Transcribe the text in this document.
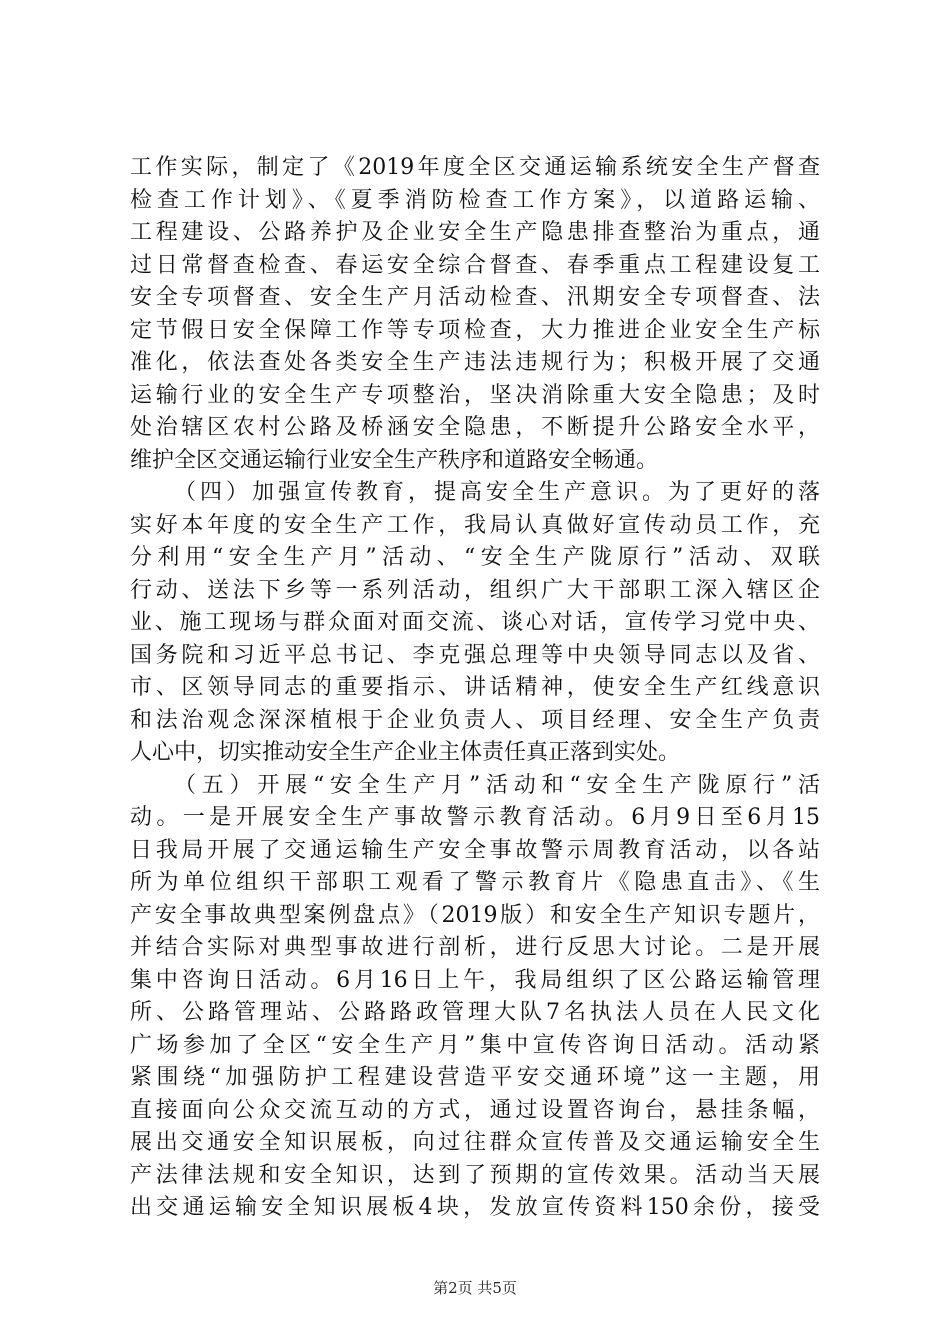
工作实际，制定了《2019年度全区交通运输系统安全生产督查
检查工作计划》、《夏季消防检查工作方案》，以道路运输、
工程建设、公路养护及企业安全生产隐患排查整治为重点，通
过日常督查检查、春运安全综合督查、春季重点工程建设复工
安全专项督查、安全生产月活动检查、汛期安全专项督查、法
定节假日安全保障工作等专项检查，大力推进企业安全生产标
准化，依法查处各类安全生产违法违规行为；积极开展了交通
运输行业的安全生产专项整治，坚决消除重大安全隐患；及时
处治辖区农村公路及桥涵安全隐患，不断提升公路安全水平，
维护全区交通运输行业安全生产秩序和道路安全畅通。
（四）加强宣传教育，提高安全生产意识。为了更好的落
实好本年度的安全生产工作，我局认真做好宣传动员工作，充
分利用“安全生产月”活动、“安全生产陇原行”活动、双联
行动、送法下乡等一系列活动，组织广大干部职工深入辖区企
业、施工现场与群众面对面交流、谈心对话，宣传学习党中央、
国务院和习近平总书记、李克强总理等中央领导同志以及省、
市、区领导同志的重要指示、讲话精神，使安全生产红线意识
和法治观念深深植根于企业负责人、项目经理、安全生产负责
人心中，切实推动安全生产企业主体责任真正落到实处。
（五）开展“安全生产月”活动和“安全生产陇原行”活
动。一是开展安全生产事故警示教育活动。6月9日至6月15
日我局开展了交通运输生产安全事故警示周教育活动，以各站
所为单位组织干部职工观看了警示教育片《隐患直击》、《生
产安全事故典型案例盘点》（2019版）和安全生产知识专题片，
并结合实际对典型事故进行剖析，进行反思大讨论。二是开展
集中咨询日活动。6月16日上午，我局组织了区公路运输管理
所、公路管理站、公路路政管理大队7名执法人员在人民文化
广场参加了全区“安全生产月”集中宣传咨询日活动。活动紧
紧围绕“加强防护工程建设营造平安交通环境”这一主题，用
直接面向公众交流互动的方式，通过设置咨询台，悬挂条幅，
展出交通安全知识展板，向过往群众宣传普及交通运输安全生
产法律法规和安全知识，达到了预期的宣传效果。活动当天展
出交通运输安全知识展板4块，发放宣传资料150余份，接受
第2页 共5页
